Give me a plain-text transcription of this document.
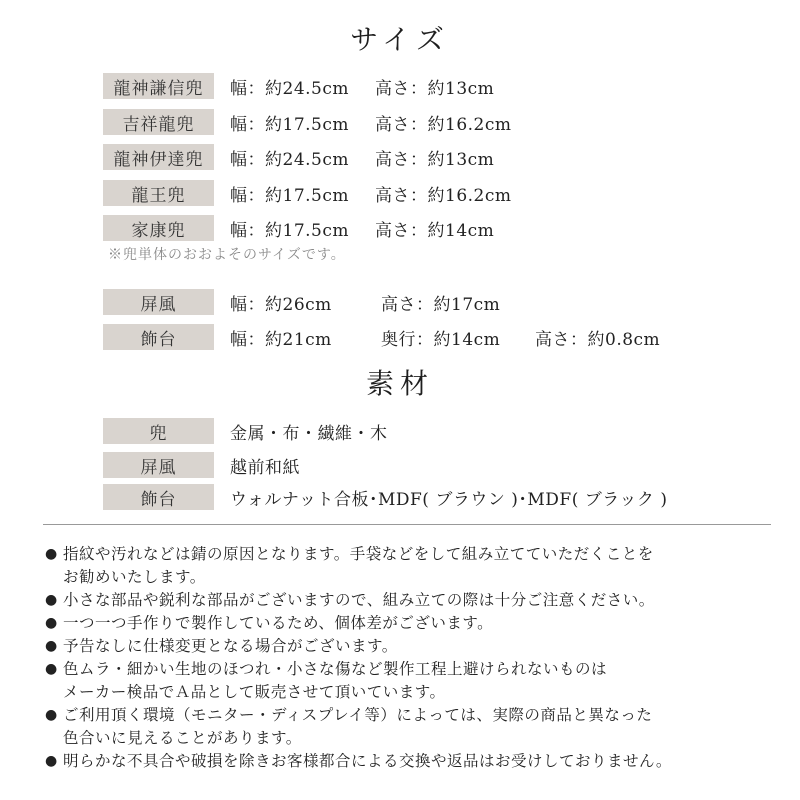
サイズ
龍神謙信兜	幅：約24.5cm 高さ：約13cm
吉祥龍兜	幅：約17.5cm 高さ：約16.2cm
龍神伊達兜	幅：約24.5cm 高さ：約13cm
龍王兜	幅：約17.5cm 高さ：約16.2cm
家康兜	幅：約17.5cm 高さ：約14cm
※兜単体のおおよそのサイズです。
屏風	幅：約26cm	高さ：約17cm
飾台	幅：約21cm	奥行：約14cm 高さ：約0.8cm
素材
兜	金属・布・繊維・木
屏風	越前和紙
飾台	ウォルナット合板･MDF( ブラウン )･MDF( ブラック )
● 指紋や汚れなどは錆の原因となります。手袋などをして組み立てていただくことを
お勧めいたします。
● 小さな部品や鋭利な部品がございますので、組み立ての際は十分ご注意ください。
● 一つ一つ手作りで製作しているため、個体差がございます。
● 予告なしに仕様変更となる場合がございます。
● 色ムラ・細かい生地のほつれ・小さな傷など製作工程上避けられないものは
メーカー検品でＡ品として販売させて頂いています。
● ご利用頂く環境（モニター・ディスプレイ等）によっては、実際の商品と異なった
色合いに見えることがあります。
● 明らかな不具合や破損を除きお客様都合による交換や返品はお受けしておりません。
